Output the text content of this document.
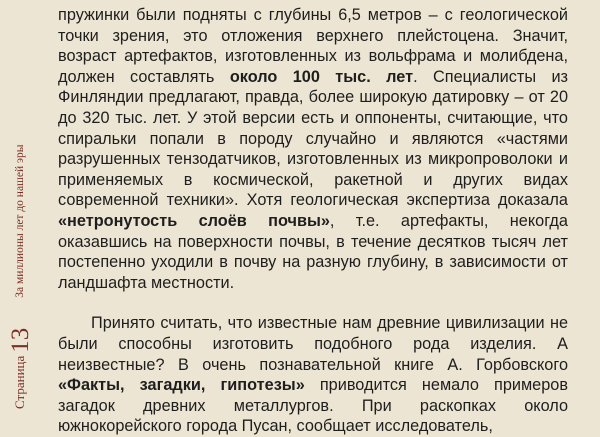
Страница
13
За миллионы лет до нашей эры

пружинки были подняты с глубины 6,5 метров – с геологической точки зрения, это отложения верхнего плейстоцена. Значит, возраст артефактов, изготовленных из вольфрама и молибдена, должен составлять около 100 тыс. лет. Специалисты из Финляндии предлагают, правда, более широкую датировку – от 20 до 320 тыс. лет. У этой версии есть и оппоненты, считающие, что спиральки попали в породу случайно и являются «частями разрушенных тензодатчиков, изготовленных из микропроволоки и применяемых в космической, ракетной и других видах современной техники». Хотя геологическая экспертиза доказала «нетронутость слоёв почвы», т.е. артефакты, некогда оказавшись на поверхности почвы, в течение десятков тысяч лет постепенно уходили в почву на разную глубину, в зависимости от ландшафта местности.

Принято считать, что известные нам древние цивилизации не были способны изготовить подобного рода изделия. А неизвестные? В очень познавательной книге А. Горбовского «Факты, загадки, гипотезы» приводится немало примеров загадок древних металлургов. При раскопках около южнокорейского города Пусан, сообщает исследователь,
